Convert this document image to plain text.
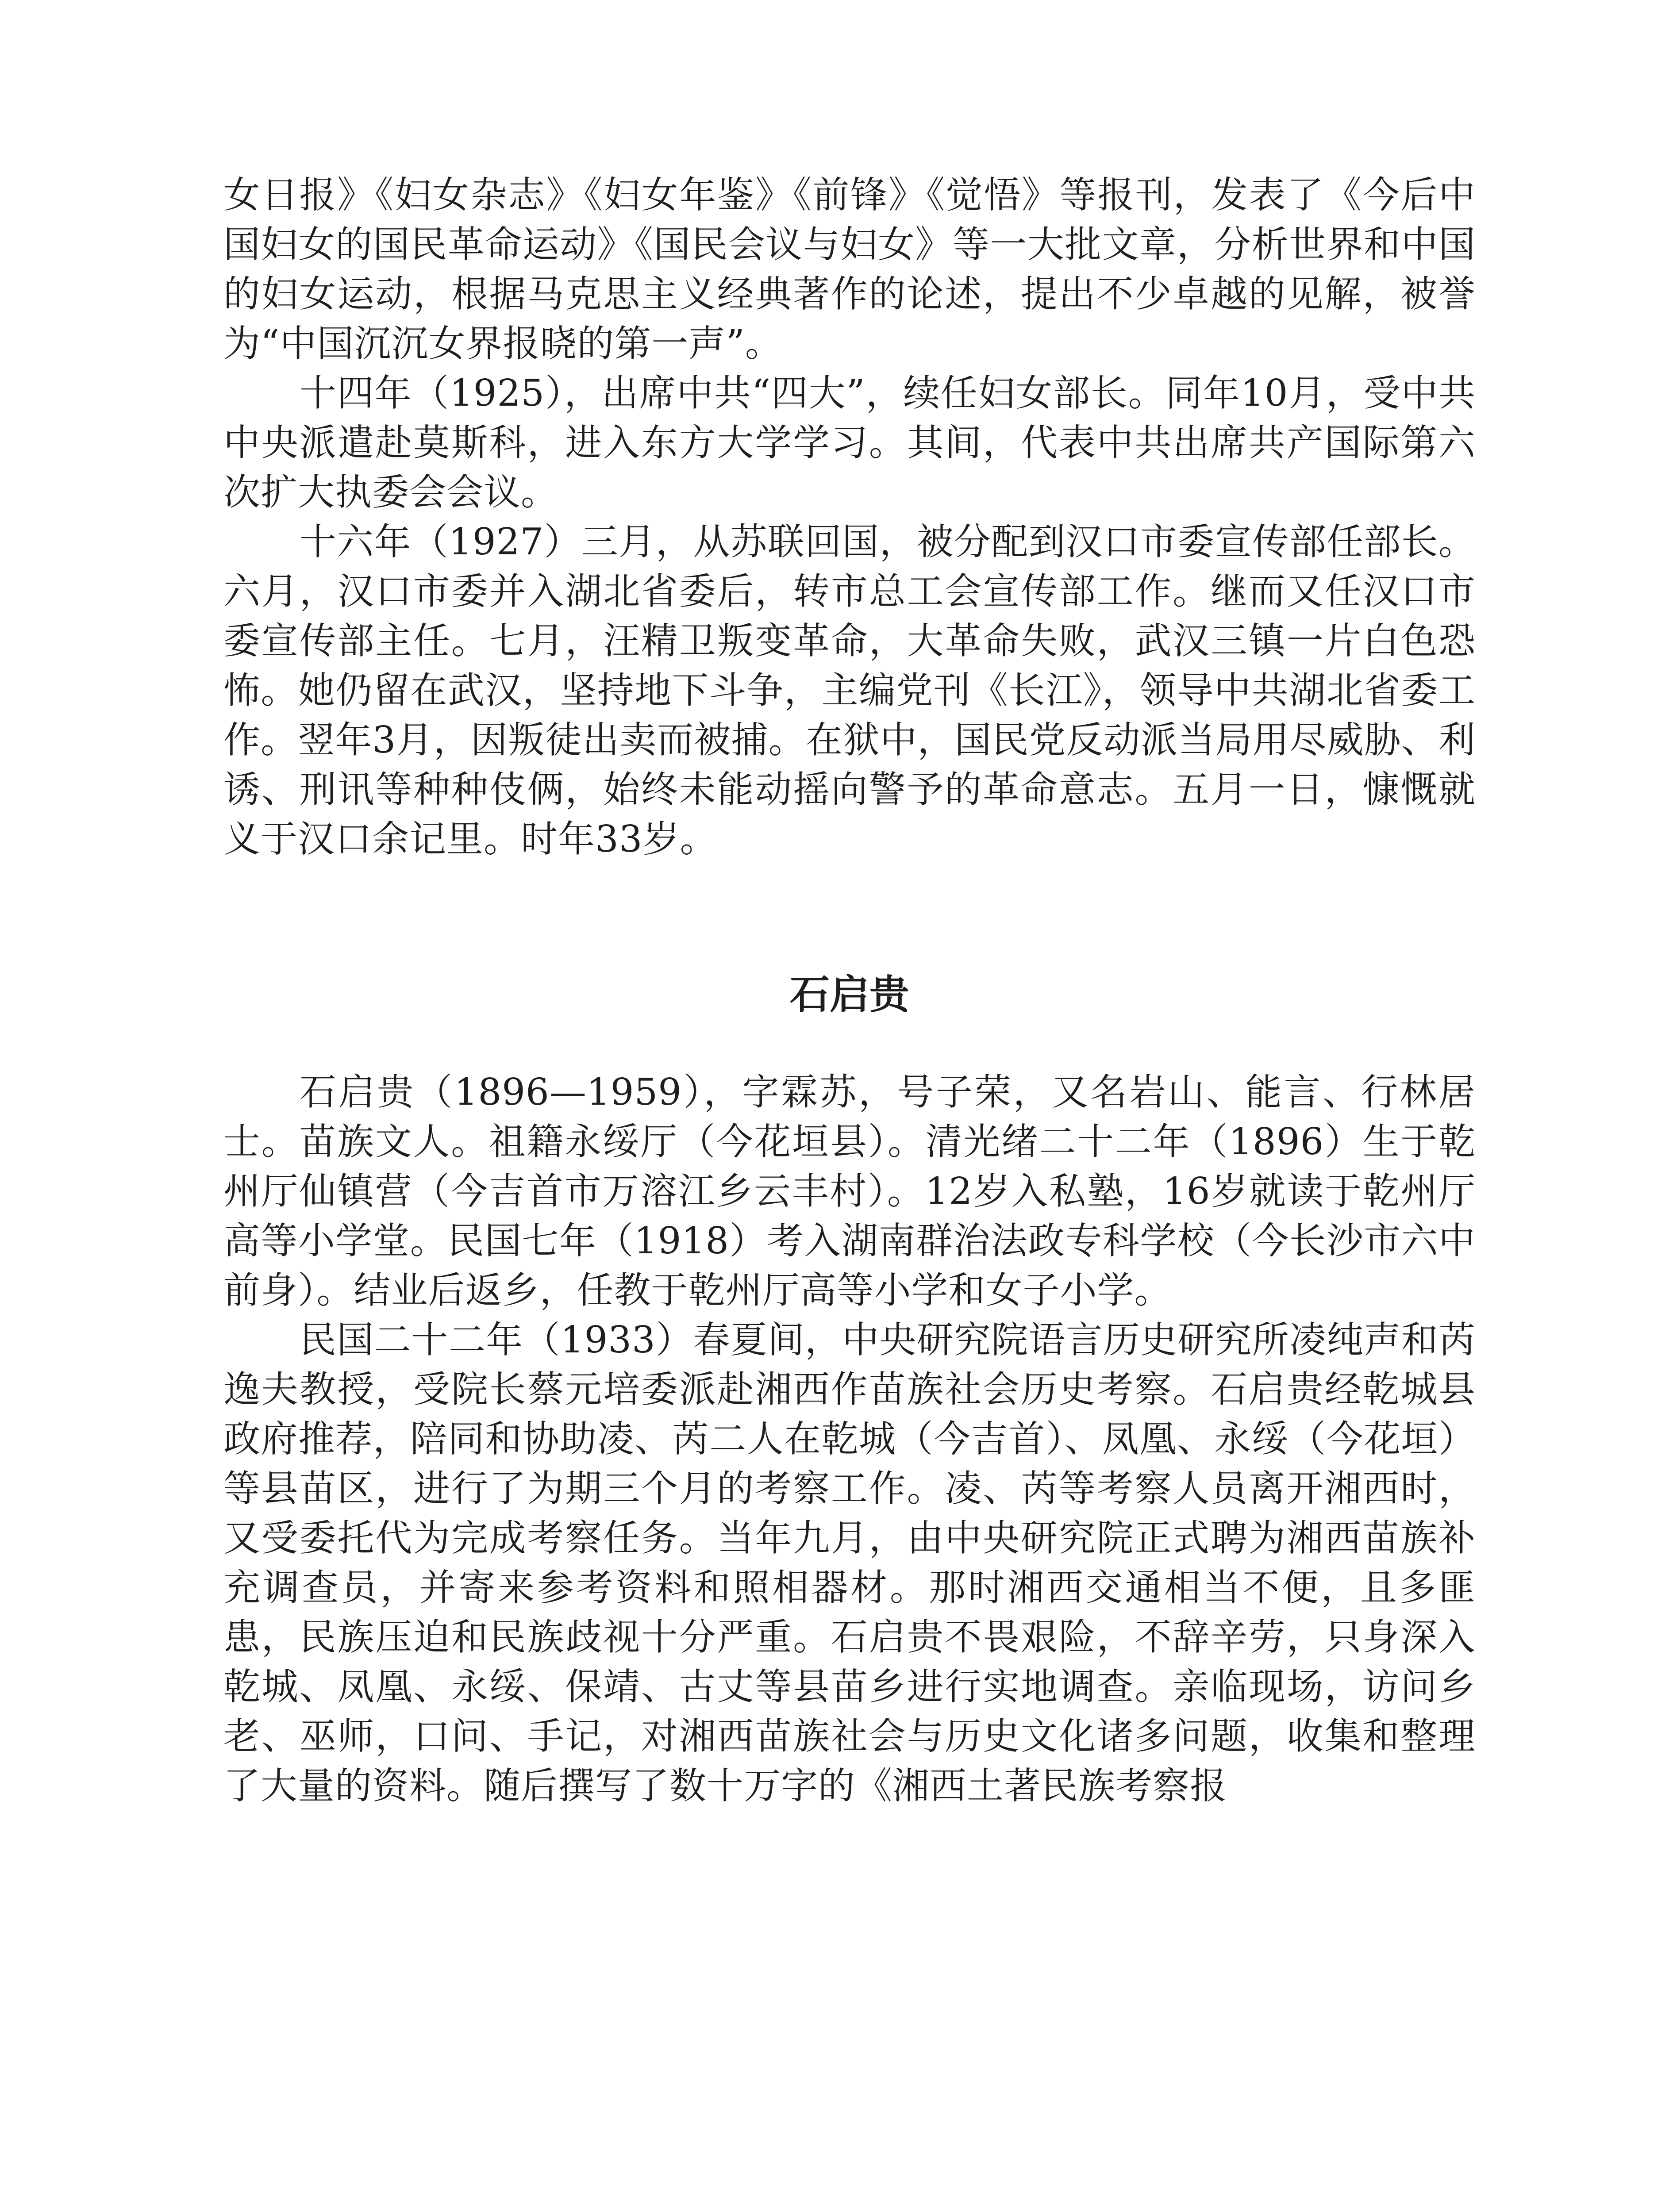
女日报》《妇女杂志》《妇女年鉴》《前锋》《觉悟》等报刊，发表了《今后中国妇女的国民革命运动》《国民会议与妇女》等一大批文章，分析世界和中国的妇女运动，根据马克思主义经典著作的论述，提出不少卓越的见解，被誉为“中国沉沉女界报晓的第一声”。

十四年（1925），出席中共“四大”，续任妇女部长。同年10月，受中共中央派遣赴莫斯科，进入东方大学学习。其间，代表中共出席共产国际第六次扩大执委会会议。

十六年（1927）三月，从苏联回国，被分配到汉口市委宣传部任部长。六月，汉口市委并入湖北省委后，转市总工会宣传部工作。继而又任汉口市委宣传部主任。七月，汪精卫叛变革命，大革命失败，武汉三镇一片白色恐怖。她仍留在武汉，坚持地下斗争，主编党刊《长江》，领导中共湖北省委工作。翌年3月，因叛徒出卖而被捕。在狱中，国民党反动派当局用尽威胁、利诱、刑讯等种种伎俩，始终未能动摇向警予的革命意志。五月一日，慷慨就义于汉口余记里。时年33岁。

石启贵

石启贵（1896—1959），字霖苏，号子荣，又名岩山、能言、行林居士。苗族文人。祖籍永绥厅（今花垣县）。清光绪二十二年（1896）生于乾州厅仙镇营（今吉首市万溶江乡云丰村）。12岁入私塾，16岁就读于乾州厅高等小学堂。民国七年（1918）考入湖南群治法政专科学校（今长沙市六中前身）。结业后返乡，任教于乾州厅高等小学和女子小学。

民国二十二年（1933）春夏间，中央研究院语言历史研究所凌纯声和芮逸夫教授，受院长蔡元培委派赴湘西作苗族社会历史考察。石启贵经乾城县政府推荐，陪同和协助凌、芮二人在乾城（今吉首）、凤凰、永绥（今花垣）等县苗区，进行了为期三个月的考察工作。凌、芮等考察人员离开湘西时，又受委托代为完成考察任务。当年九月，由中央研究院正式聘为湘西苗族补充调查员，并寄来参考资料和照相器材。那时湘西交通相当不便，且多匪患，民族压迫和民族歧视十分严重。石启贵不畏艰险，不辞辛劳，只身深入乾城、凤凰、永绥、保靖、古丈等县苗乡进行实地调查。亲临现场，访问乡老、巫师，口问、手记，对湘西苗族社会与历史文化诸多问题，收集和整理了大量的资料。随后撰写了数十万字的《湘西土著民族考察报
